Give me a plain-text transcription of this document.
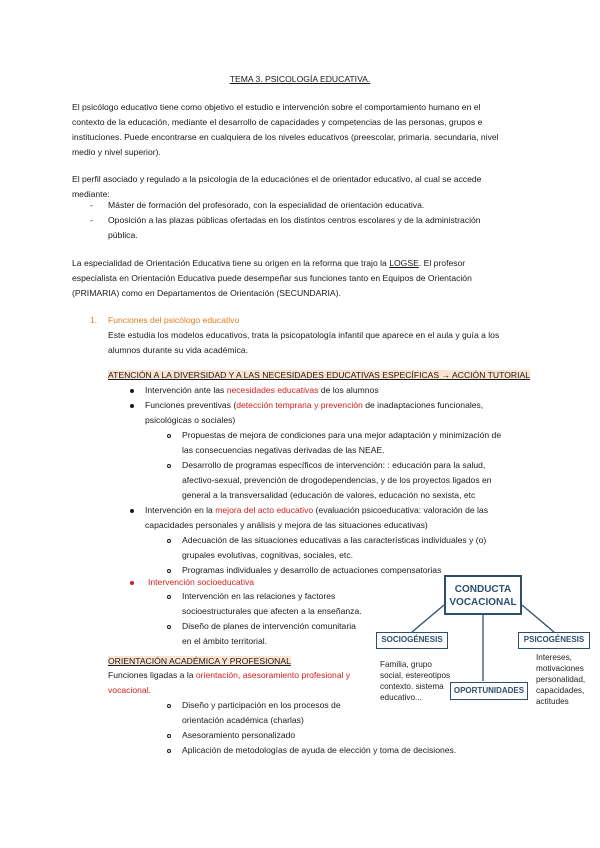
TEMA 3. PSICOLOGÍA EDUCATIVA.
El psicólogo educativo tiene como objetivo el estudio e intervención sobre el comportamiento humano en el
contexto de la educación, mediante el desarrollo de capacidades y competencias de las personas, grupos e
instituciones. Puede encontrarse en cualquiera de los niveles educativos (preescolar, primaria. secundaria, nivel
medio y nivel superior).
El perfil asociado y regulado a la psicología de la educaciónes el de orientador educativo, al cual se accede
mediante:
- Máster de formación del profesorado, con la especialidad de orientación educativa.
- Oposición a las plazas públicas ofertadas en los distintos centros escolares y de la administración
pública.
La especialidad de Orientación Educativa tiene su origen en la reforma que trajo la LOGSE. El profesor
especialista en Orientación Educativa puede desempeñar sus funciones tanto en Equipos de Orientación
(PRIMARIA) como en Departamentos de Orientación (SECUNDARIA).
1. Funciones del psicólogo educativo
Este estudia los modelos educativos, trata la psicopatología infantil que aparece en el aula y guía a los
alumnos durante su vida académica.
ATENCIÓN A LA DIVERSIDAD Y A LAS NECESIDADES EDUCATIVAS ESPECÍFICAS → ACCIÓN TUTORIAL
Intervención ante las necesidades educativas de los alumnos
Funciones preventivas (detección temprana y prevención de inadaptaciones funcionales,
psicológicas o sociales)
Propuestas de mejora de condiciones para una mejor adaptación y minimización de
las consecuencias negativas derivadas de las NEAE.
Desarrollo de programas específicos de intervención: : educación para la salud,
afectivo-sexual, prevención de drogodependencias, y de los proyectos ligados en
general a la transversalidad (educación de valores, educación no sexista, etc
Intervención en la mejora del acto educativo (evaluación psicoeducativa: valoración de las
capacidades personales y análisis y mejora de las situaciones educativas)
Adecuación de las situaciones educativas a las características individuales y (o)
grupales evolutivas, cognitivas, sociales, etc.
Programas individuales y desarrollo de actuaciones compensatorias
Intervención socioeducativa
Intervención en las relaciones y factores
socioestructurales que afecten a la enseñanza.
Diseño de planes de intervención comunitaria
en el ámbito territorial.
ORIENTACIÓN ACADÉMICA Y PROFESIONAL
Funciones ligadas a la orientación, asesoramiento profesional y
vocacional.
Diseño y participación en los procesos de
orientación académica (charlas)
Asesoramiento personalizado
Aplicación de metodologías de ayuda de elección y toma de decisiones.
CONDUCTA
VOCACIONAL
SOCIOGÉNESIS	PSICOGÉNESIS
OPORTUNIDADES
Familia, grupo
social, estereotipos
contexto. sistema
educativo...
Intereses,
motivaciones
personalidad,
capacidades,
actitudes
